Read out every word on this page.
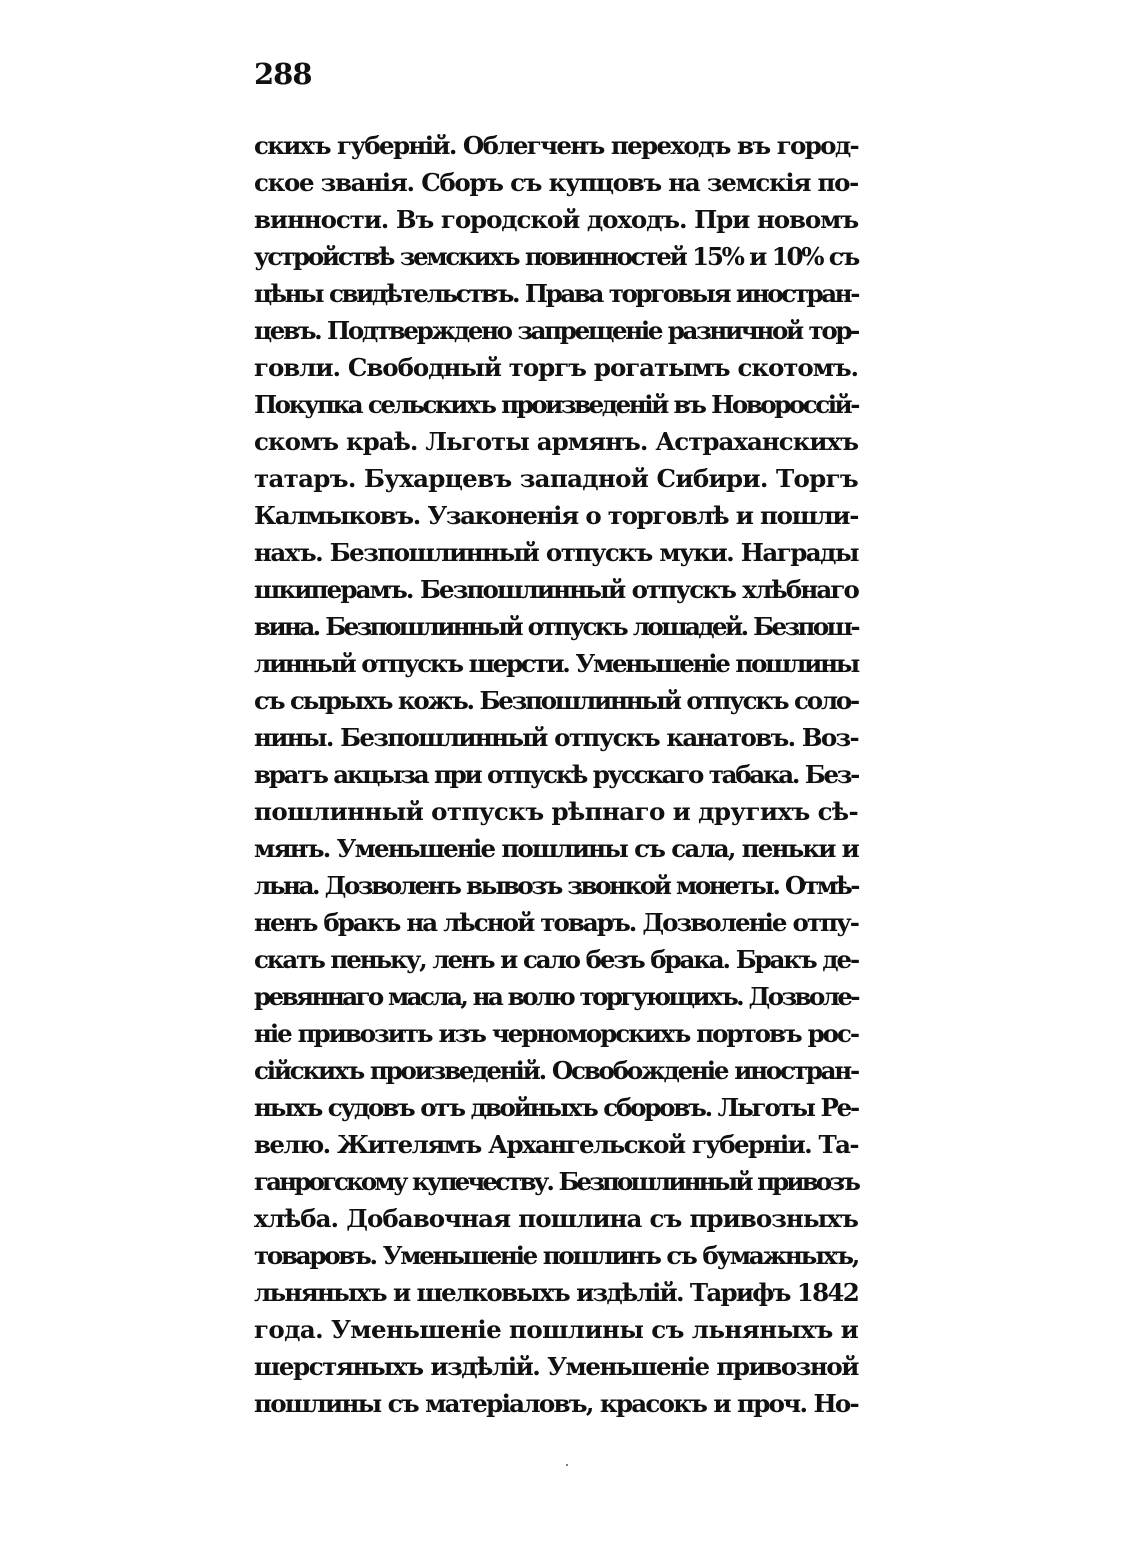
288
скихъ губерній. Облегченъ переходъ въ город-
ское званія. Сборъ съ купцовъ на земскія по-
винности. Въ городской доходъ. При новомъ
устройствѣ земскихъ повинностей 15% и 10% съ
цѣны свидѣтельствъ. Права торговыя иностран-
цевъ. Подтверждено запрещеніе разничной тор-
говли. Свободный торгъ рогатымъ скотомъ.
Покупка сельскихъ произведеній въ Новороссій-
скомъ краѣ. Льготы армянъ. Астраханскихъ
татаръ. Бухарцевъ западной Сибири. Торгъ
Калмыковъ. Узаконенія о торговлѣ и пошли-
нахъ. Безпошлинный отпускъ муки. Награды
шкиперамъ. Безпошлинный отпускъ хлѣбнаго
вина. Безпошлинный отпускъ лошадей. Безпош-
линный отпускъ шерсти. Уменьшеніе пошлины
съ сырыхъ кожъ. Безпошлинный отпускъ соло-
нины. Безпошлинный отпускъ канатовъ. Воз-
вратъ акцыза при отпускѣ русскаго табака. Без-
пошлинный отпускъ рѣпнаго и другихъ сѣ-
мянъ. Уменьшеніе пошлины съ сала, пеньки и
льна. Дозволенъ вывозъ звонкой монеты. Отмѣ-
ненъ бракъ на лѣсной товаръ. Дозволеніе отпу-
скать пеньку, ленъ и сало безъ брака. Бракъ де-
ревяннаго масла, на волю торгующихъ. Дозволе-
ніе привозить изъ черноморскихъ портовъ рос-
сійскихъ произведеній. Освобожденіе иностран-
ныхъ судовъ отъ двойныхъ сборовъ. Льготы Ре-
велю. Жителямъ Архангельской губерніи. Та-
ганрогскому купечеству. Безпошлинный привозъ
хлѣба. Добавочная пошлина съ привозныхъ
товаровъ. Уменьшеніе пошлинъ съ бумажныхъ,
льняныхъ и шелковыхъ издѣлій. Тарифъ 1842
года. Уменьшеніе пошлины съ льняныхъ и
шерстяныхъ издѣлій. Уменьшеніе привозной
пошлины съ матеріаловъ, красокъ и проч. Но-
